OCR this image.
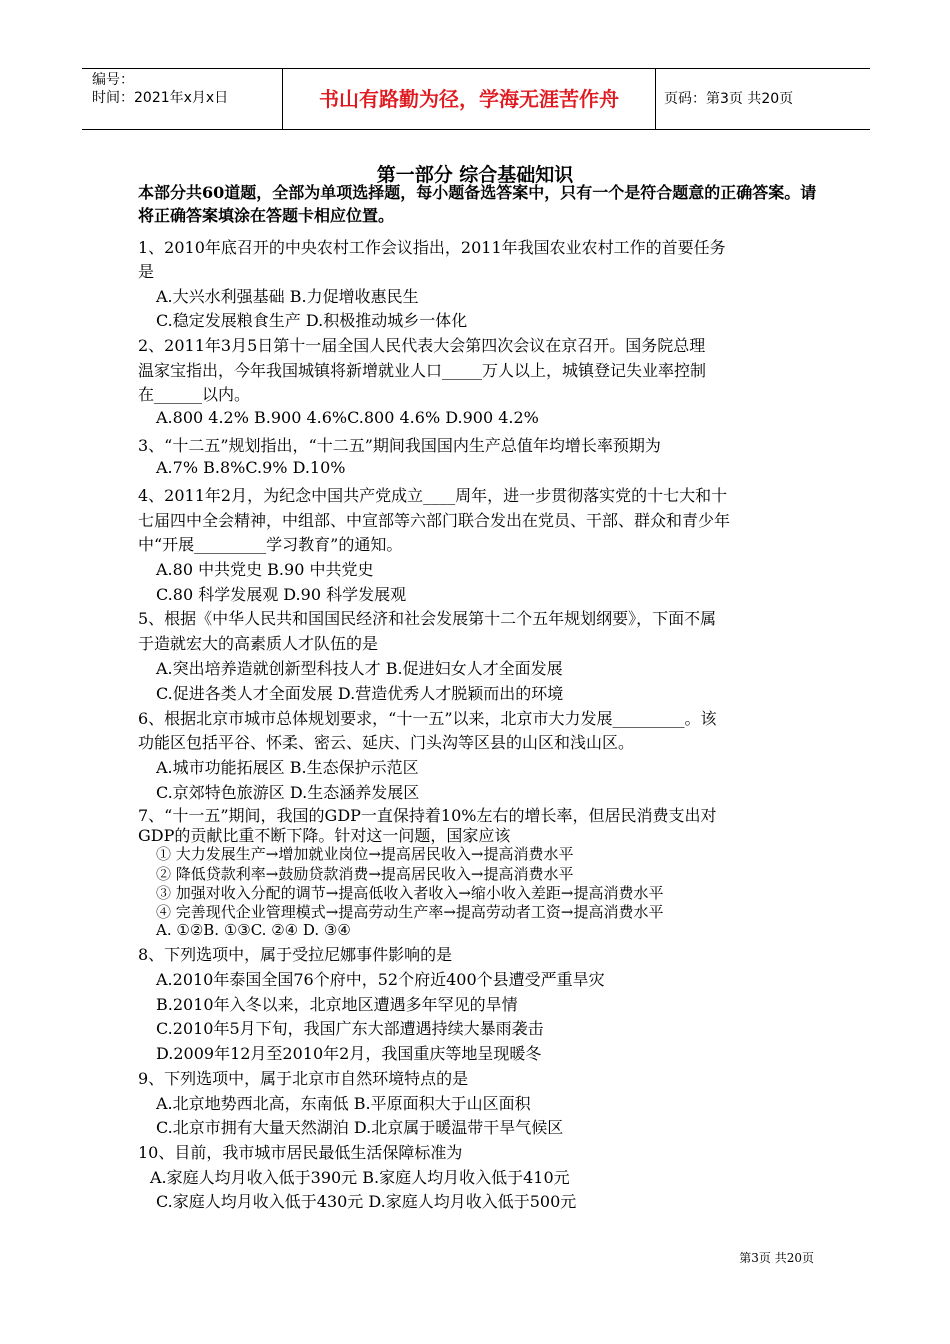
编号：
时间：2021年x月x日	书山有路勤为径，学海无涯苦作舟	页码：第3页 共20页
第一部分 综合基础知识
本部分共60道题，全部为单项选择题，每小题备选答案中，只有一个是符合题意的正确答案。请将正确答案填涂在答题卡相应位置。
1、2010年底召开的中央农村工作会议指出，2011年我国农业农村工作的首要任务
是
A.大兴水利强基础 B.力促增收惠民生
C.稳定发展粮食生产 D.积极推动城乡一体化
2、2011年3月5日第十一届全国人民代表大会第四次会议在京召开。国务院总理
温家宝指出，今年我国城镇将新增就业人口_____万人以上，城镇登记失业率控制
在______以内。
A.800 4.2% B.900 4.6%C.800 4.6% D.900 4.2%
3、“十二五”规划指出，“十二五”期间我国国内生产总值年均增长率预期为
A.7% B.8%C.9% D.10%
4、2011年2月，为纪念中国共产党成立____周年，进一步贯彻落实党的十七大和十
七届四中全会精神，中组部、中宣部等六部门联合发出在党员、干部、群众和青少年
中“开展_________学习教育”的通知。
A.80 中共党史 B.90 中共党史
C.80 科学发展观 D.90 科学发展观
5、根据《中华人民共和国国民经济和社会发展第十二个五年规划纲要》，下面不属
于造就宏大的高素质人才队伍的是
A.突出培养造就创新型科技人才 B.促进妇女人才全面发展
C.促进各类人才全面发展 D.营造优秀人才脱颖而出的环境
6、根据北京市城市总体规划要求，“十一五”以来，北京市大力发展_________。该
功能区包括平谷、怀柔、密云、延庆、门头沟等区县的山区和浅山区。
A.城市功能拓展区 B.生态保护示范区
C.京郊特色旅游区 D.生态涵养发展区
7、“十一五”期间，我国的GDP一直保持着10%左右的增长率，但居民消费支出对
GDP的贡献比重不断下降。针对这一问题，国家应该
① 大力发展生产→增加就业岗位→提高居民收入→提高消费水平
② 降低贷款利率→鼓励贷款消费→提高居民收入→提高消费水平
③ 加强对收入分配的调节→提高低收入者收入→缩小收入差距→提高消费水平
④ 完善现代企业管理模式→提高劳动生产率→提高劳动者工资→提高消费水平
A. ①②B. ①③C. ②④ D. ③④
8、下列选项中，属于受拉尼娜事件影响的是
A.2010年泰国全国76个府中，52个府近400个县遭受严重旱灾
B.2010年入冬以来，北京地区遭遇多年罕见的旱情
C.2010年5月下旬，我国广东大部遭遇持续大暴雨袭击
D.2009年12月至2010年2月，我国重庆等地呈现暖冬
9、下列选项中，属于北京市自然环境特点的是
A.北京地势西北高，东南低 B.平原面积大于山区面积
C.北京市拥有大量天然湖泊 D.北京属于暖温带干旱气候区
10、目前，我市城市居民最低生活保障标准为
A.家庭人均月收入低于390元 B.家庭人均月收入低于410元
C.家庭人均月收入低于430元 D.家庭人均月收入低于500元
第3页 共20页
